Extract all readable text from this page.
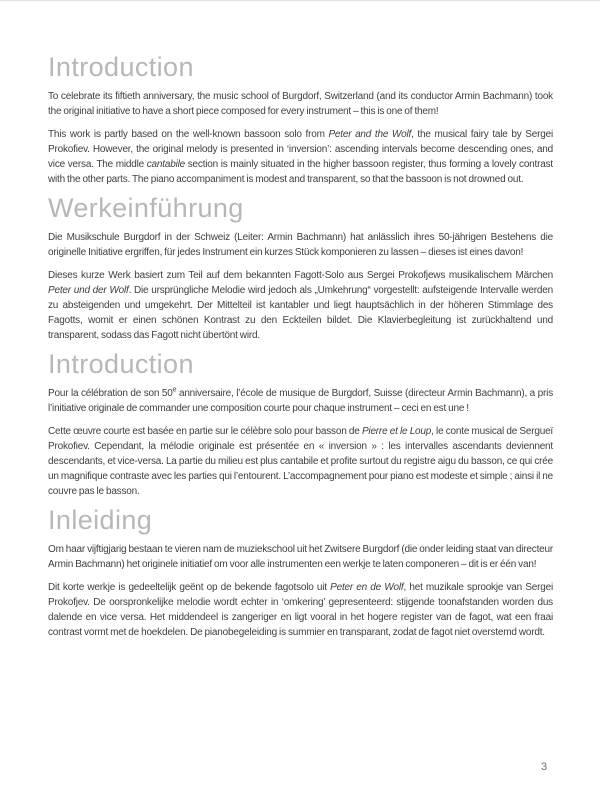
Introduction

To celebrate its fiftieth anniversary, the music school of Burgdorf, Switzerland (and its conductor Armin Bachmann) took the original initiative to have a short piece composed for every instrument – this is one of them!

This work is partly based on the well-known bassoon solo from Peter and the Wolf, the musical fairy tale by Sergei Prokofiev. However, the original melody is presented in ‘inversion’: ascending intervals become descending ones, and vice versa. The middle cantabile section is mainly situated in the higher bassoon register, thus forming a lovely contrast with the other parts. The piano accompaniment is modest and transparent, so that the bassoon is not drowned out.

Werkeinführung

Die Musikschule Burgdorf in der Schweiz (Leiter: Armin Bachmann) hat anlässlich ihres 50-jährigen Bestehens die originelle Initiative ergriffen, für jedes Instrument ein kurzes Stück komponieren zu lassen – dieses ist eines davon!

Dieses kurze Werk basiert zum Teil auf dem bekannten Fagott-Solo aus Sergei Prokofjews musikalischem Märchen Peter und der Wolf. Die ursprüngliche Melodie wird jedoch als „Umkehrung“ vorgestellt: aufsteigende Intervalle werden zu absteigenden und umgekehrt. Der Mittelteil ist kantabler und liegt hauptsächlich in der höheren Stimmlage des Fagotts, womit er einen schönen Kontrast zu den Eckteilen bildet. Die Klavierbegleitung ist zurückhaltend und transparent, sodass das Fagott nicht übertönt wird.

Introduction

Pour la célébration de son 50e anniversaire, l’école de musique de Burgdorf, Suisse (directeur Armin Bachmann), a pris l’initiative originale de commander une composition courte pour chaque instrument – ceci en est une !

Cette œuvre courte est basée en partie sur le célèbre solo pour basson de Pierre et le Loup, le conte musical de Sergueï Prokofiev. Cependant, la mélodie originale est présentée en « inversion » : les intervalles ascendants deviennent descendants, et vice-versa. La partie du milieu est plus cantabile et profite surtout du registre aigu du basson, ce qui crée un magnifique contraste avec les parties qui l’entourent. L’accompagnement pour piano est modeste et simple ; ainsi il ne couvre pas le basson.

Inleiding

Om haar vijftigjarig bestaan te vieren nam de muziekschool uit het Zwitsere Burgdorf (die onder leiding staat van directeur Armin Bachmann) het originele initiatief om voor alle instrumenten een werkje te laten componeren – dit is er één van!

Dit korte werkje is gedeeltelijk geënt op de bekende fagotsolo uit Peter en de Wolf, het muzikale sprookje van Sergei Prokofjev. De oorspronkelijke melodie wordt echter in ‘omkering’ gepresenteerd: stijgende toonafstanden worden dus dalende en vice versa. Het middendeel is zangeriger en ligt vooral in het hogere register van de fagot, wat een fraai contrast vormt met de hoekdelen. De pianobegeleiding is summier en transparant, zodat de fagot niet overstemd wordt.

3
